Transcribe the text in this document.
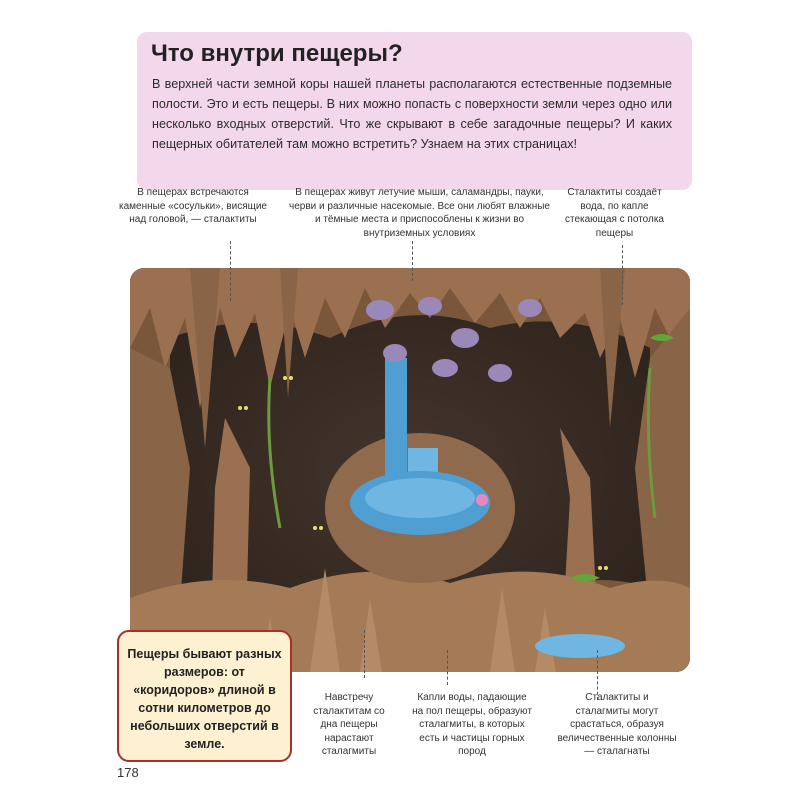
Что внутри пещеры?
В верхней части земной коры нашей планеты располагаются естественные подземные полости. Это и есть пещеры. В них можно попасть с поверхности земли через одно или несколько входных отверстий. Что же скрывают в себе загадочные пещеры? И каких пещерных обитателей там можно встретить? Узнаем на этих страницах!
В пещерах встречаются каменные «сосульки», висящие над головой, — сталактиты
В пещерах живут летучие мыши, саламандры, пауки, черви и различные насекомые. Все они любят влажные и тёмные места и приспособлены к жизни во внутриземных условиях
Сталактиты создаёт вода, по капле стекающая с потолка пещеры
Навстречу сталактитам со дна пещеры нарастают сталагмиты
Капли воды, падающие на пол пещеры, образуют сталагмиты, в которых есть и частицы горных пород
Сталактиты и сталагмиты могут срастаться, образуя величественные колонны — сталагнаты
Пещеры бывают разных размеров: от «коридоров» длиной в сотни километров до небольших отверстий в земле.
178
